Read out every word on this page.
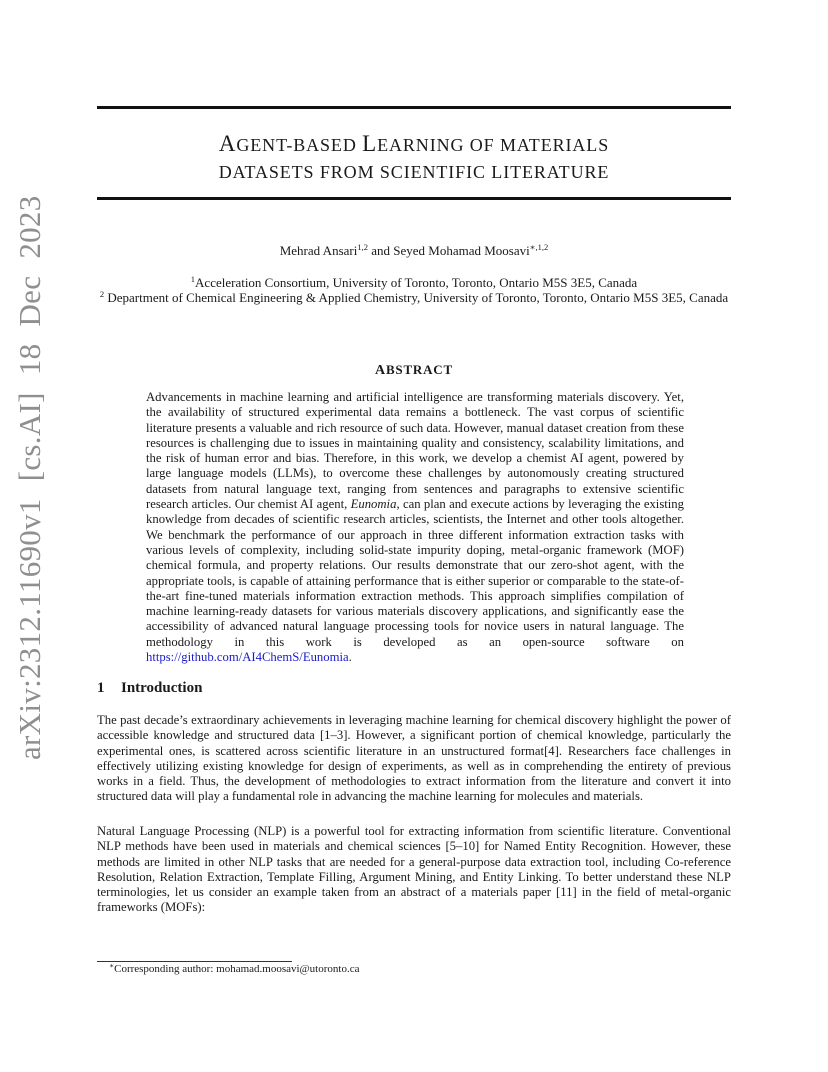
arXiv:2312.11690v1 [cs.AI] 18 Dec 2023
AGENT-BASED LEARNING OF MATERIALS
DATASETS FROM SCIENTIFIC LITERATURE
Mehrad Ansari$^{1,2}$ and Seyed Mohamad Moosavi$^{∗,1,2}$
$^1$Acceleration Consortium, University of Toronto, Toronto, Ontario M5S 3E5, Canada
$^2$ Department of Chemical Engineering & Applied Chemistry, University of Toronto, Toronto, Ontario M5S 3E5, Canada
ABSTRACT
Advancements in machine learning and artificial intelligence are transforming materials discovery. Yet, the availability of structured experimental data remains a bottleneck. The vast corpus of scientific literature presents a valuable and rich resource of such data. However, manual dataset creation from these resources is challenging due to issues in maintaining quality and consistency, scalability limitations, and the risk of human error and bias. Therefore, in this work, we develop a chemist AI agent, powered by large language models (LLMs), to overcome these challenges by autonomously creating structured datasets from natural language text, ranging from sentences and paragraphs to extensive scientific research articles. Our chemist AI agent, Eunomia, can plan and execute actions by leveraging the existing knowledge from decades of scientific research articles, scientists, the Internet and other tools altogether. We benchmark the performance of our approach in three different information extraction tasks with various levels of complexity, including solid-state impurity doping, metal-organic framework (MOF) chemical formula, and property relations. Our results demonstrate that our zero-shot agent, with the appropriate tools, is capable of attaining performance that is either superior or comparable to the state-of-the-art fine-tuned materials information extraction methods. This approach simplifies compilation of machine learning-ready datasets for various materials discovery applications, and significantly ease the accessibility of advanced natural language processing tools for novice users in natural language. The methodology in this work is developed as an open-source software on https://github.com/AI4ChemS/Eunomia.
1 Introduction
The past decade’s extraordinary achievements in leveraging machine learning for chemical discovery highlight the power of accessible knowledge and structured data [1–3]. However, a significant portion of chemical knowledge, particularly the experimental ones, is scattered across scientific literature in an unstructured format[4]. Researchers face challenges in effectively utilizing existing knowledge for design of experiments, as well as in comprehending the entirety of previous works in a field. Thus, the development of methodologies to extract information from the literature and convert it into structured data will play a fundamental role in advancing the machine learning for molecules and materials.
Natural Language Processing (NLP) is a powerful tool for extracting information from scientific literature. Conventional NLP methods have been used in materials and chemical sciences [5–10] for Named Entity Recognition. However, these methods are limited in other NLP tasks that are needed for a general-purpose data extraction tool, including Co-reference Resolution, Relation Extraction, Template Filling, Argument Mining, and Entity Linking. To better understand these NLP terminologies, let us consider an example taken from an abstract of a materials paper [11] in the field of metal-organic frameworks (MOFs):
∗Corresponding author: mohamad.moosavi@utoronto.ca
